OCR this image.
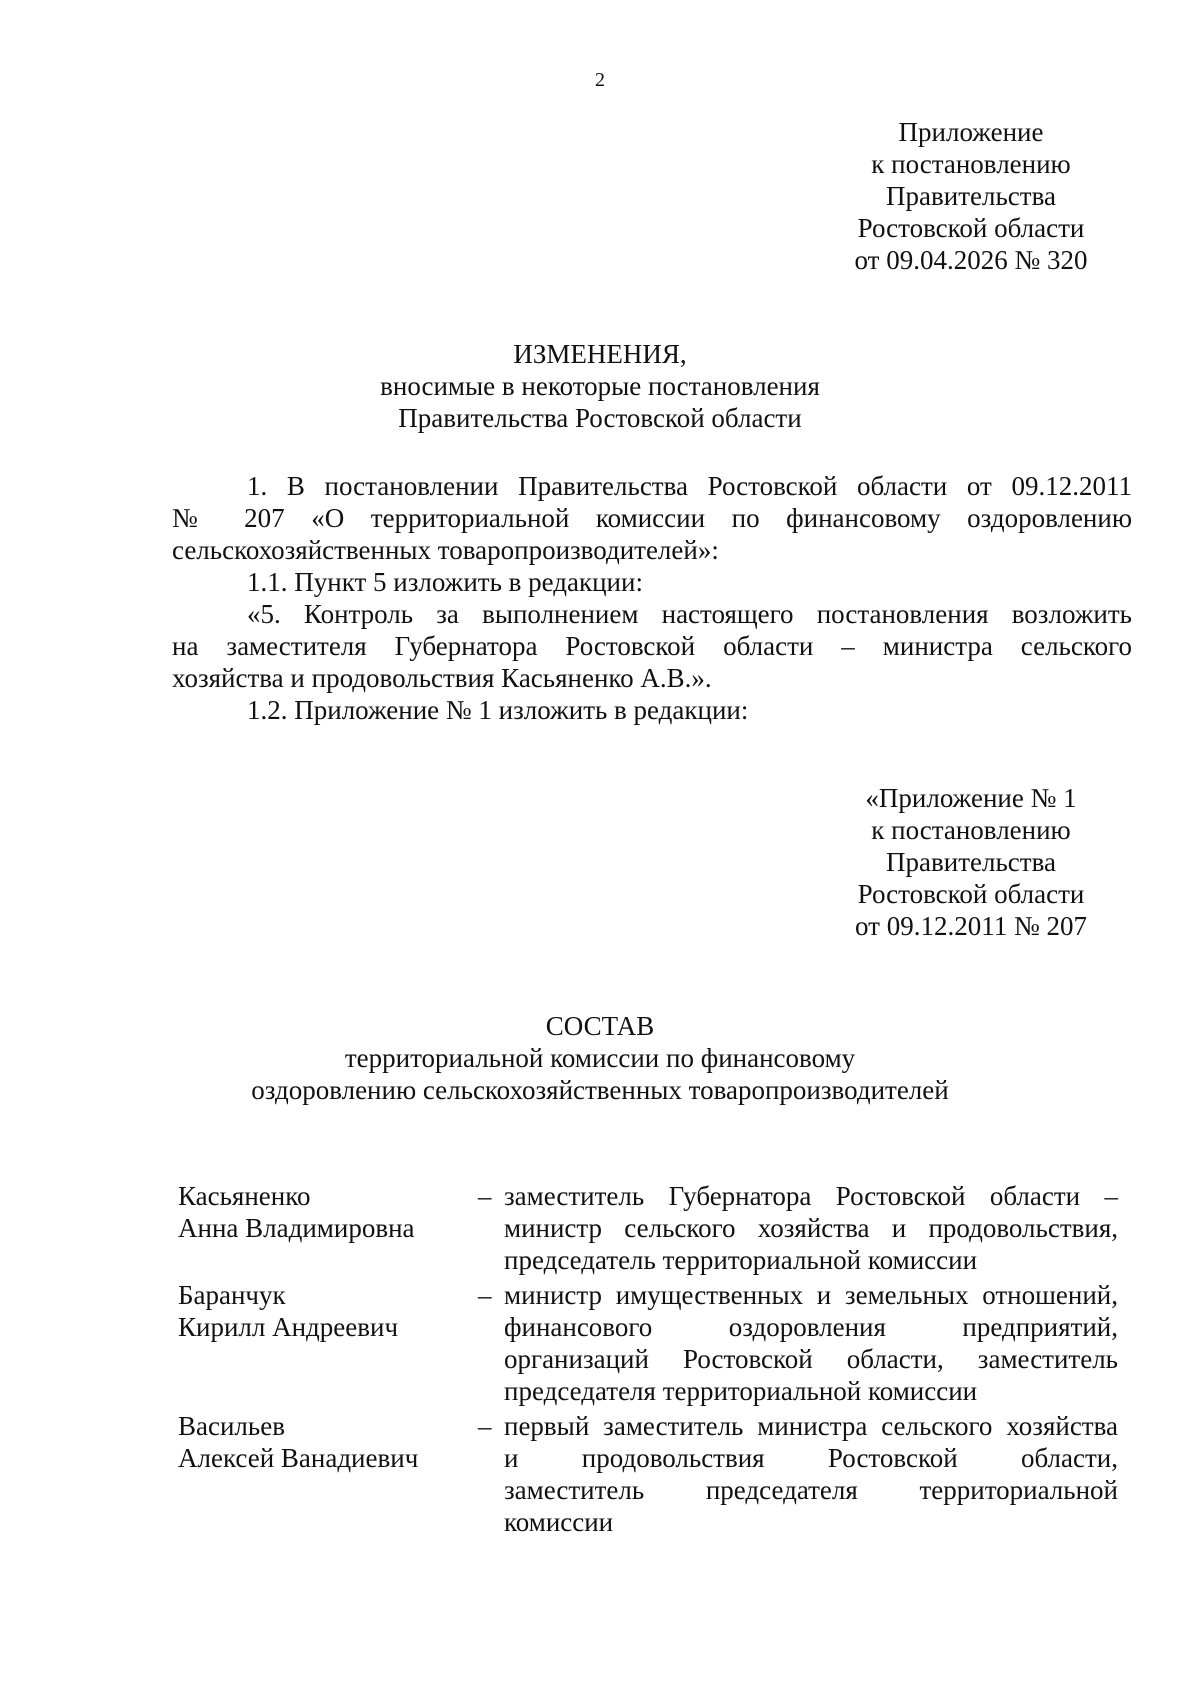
2
Приложение
к постановлению
Правительства
Ростовской области
от 09.04.2026 № 320
ИЗМЕНЕНИЯ,
вносимые в некоторые постановления
Правительства Ростовской области
1. В постановлении Правительства Ростовской области от 09.12.2011
№ 207 «О территориальной комиссии по финансовому оздоровлению
сельскохозяйственных товаропроизводителей»:
1.1. Пункт 5 изложить в редакции:
«5. Контроль за выполнением настоящего постановления возложить
на заместителя Губернатора Ростовской области – министра сельского
хозяйства и продовольствия Касьяненко А.В.».
1.2. Приложение № 1 изложить в редакции:
«Приложение № 1
к постановлению
Правительства
Ростовской области
от 09.12.2011 № 207
СОСТАВ
территориальной комиссии по финансовому
оздоровлению сельскохозяйственных товаропроизводителей
Касьяненко
Анна Владимировна
– заместитель Губернатора Ростовской области –
министр сельского хозяйства и продовольствия,
председатель территориальной комиссии
Баранчук
Кирилл Андреевич
– министр имущественных и земельных отношений,
финансового оздоровления предприятий,
организаций Ростовской области, заместитель
председателя территориальной комиссии
Васильев
Алексей Ванадиевич
– первый заместитель министра сельского хозяйства
и продовольствия Ростовской области,
заместитель председателя территориальной
комиссии
